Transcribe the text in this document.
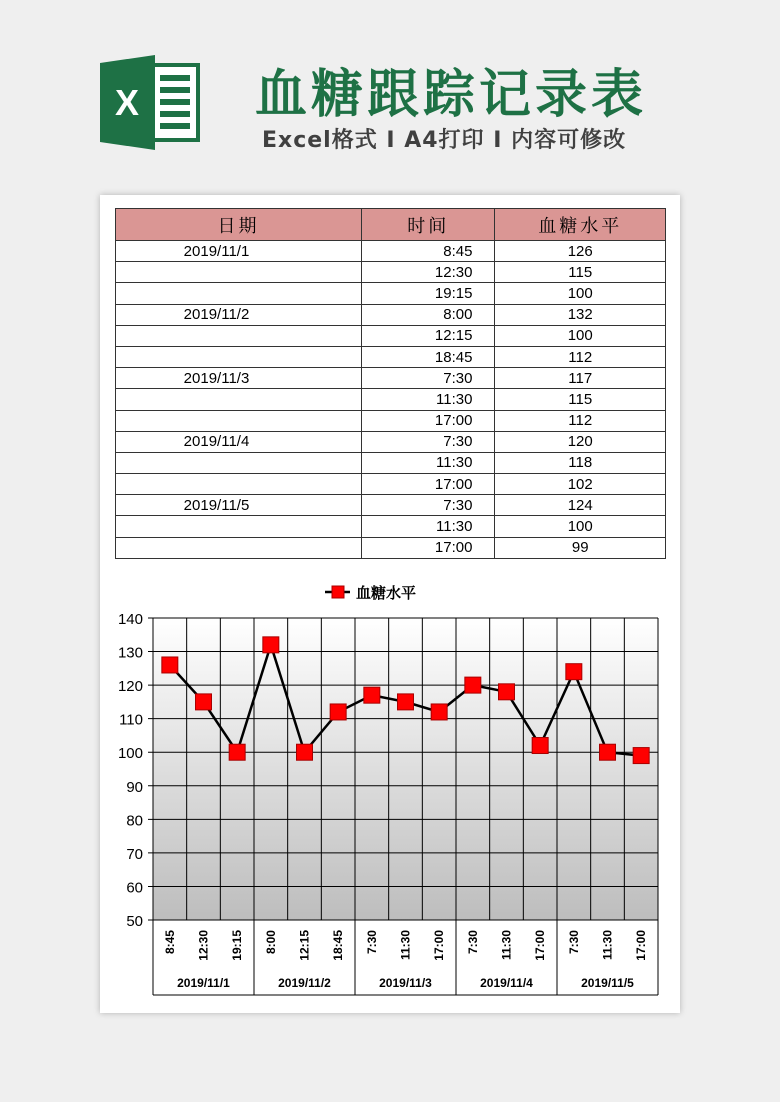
X 血糖跟踪记录表
Excel格式 I A4打印 I 内容可修改
日期	时间	血糖水平
2019/11/1	8:45	126
	12:30	115
	19:15	100
2019/11/2	8:00	132
	12:15	100
	18:45	112
2019/11/3	7:30	117
	11:30	115
	17:00	112
2019/11/4	7:30	120
	11:30	118
	17:00	102
2019/11/5	7:30	124
	11:30	100
	17:00	99
50
60
70
80
90
100
110
120
130
140
8:45 12:30 19:15 8:00 12:15 18:45 7:30 11:30 17:00 7:30 11:30 17:00 7:30 11:30 17:00
2019/11/1	2019/11/2	2019/11/3	2019/11/4	2019/11/5
血糖水平
